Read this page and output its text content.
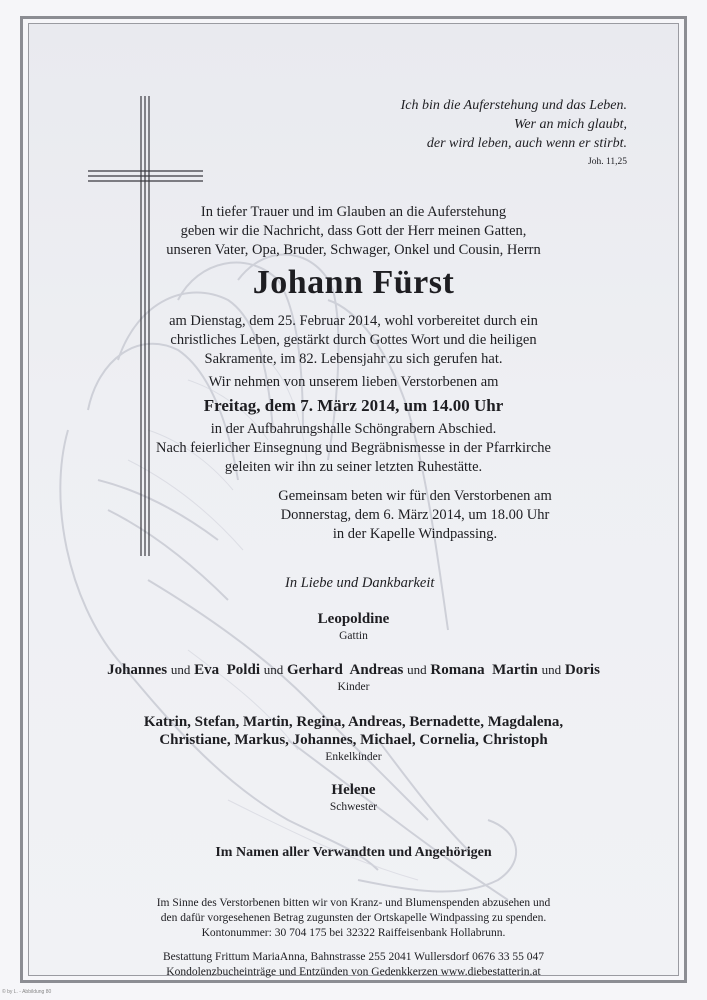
Ich bin die Auferstehung und das Leben.
Wer an mich glaubt,
der wird leben, auch wenn er stirbt.
Joh. 11,25
In tiefer Trauer und im Glauben an die Auferstehung
geben wir die Nachricht, dass Gott der Herr meinen Gatten,
unseren Vater, Opa, Bruder, Schwager, Onkel und Cousin, Herrn
Johann Fürst
am Dienstag, dem 25. Februar 2014, wohl vorbereitet durch ein
christliches Leben, gestärkt durch Gottes Wort und die heiligen
Sakramente, im 82. Lebensjahr zu sich gerufen hat.
Wir nehmen von unserem lieben Verstorbenen am
Freitag, dem 7. März 2014, um 14.00 Uhr
in der Aufbahrungshalle Schöngrabern Abschied.
Nach feierlicher Einsegnung und Begräbnismesse in der Pfarrkirche
geleiten wir ihn zu seiner letzten Ruhestätte.
Gemeinsam beten wir für den Verstorbenen am
Donnerstag, dem 6. März 2014, um 18.00 Uhr
in der Kapelle Windpassing.
In Liebe und Dankbarkeit
Leopoldine
Gattin
Johannes und Eva Poldi und Gerhard Andreas und Romana Martin und Doris
Kinder
Katrin, Stefan, Martin, Regina, Andreas, Bernadette, Magdalena,
Christiane, Markus, Johannes, Michael, Cornelia, Christoph
Enkelkinder
Helene
Schwester
Im Namen aller Verwandten und Angehörigen
Im Sinne des Verstorbenen bitten wir von Kranz- und Blumenspenden abzusehen und
den dafür vorgesehenen Betrag zugunsten der Ortskapelle Windpassing zu spenden.
Kontonummer: 30 704 175 bei 32322 Raiffeisenbank Hollabrunn.
Bestattung Frittum MariaAnna, Bahnstrasse 255 2041 Wullersdorf 0676 33 55 047
Kondolenzbucheinträge und Entzünden von Gedenkkerzen www.diebestatterin.at
© by L. - Abbildung 80
